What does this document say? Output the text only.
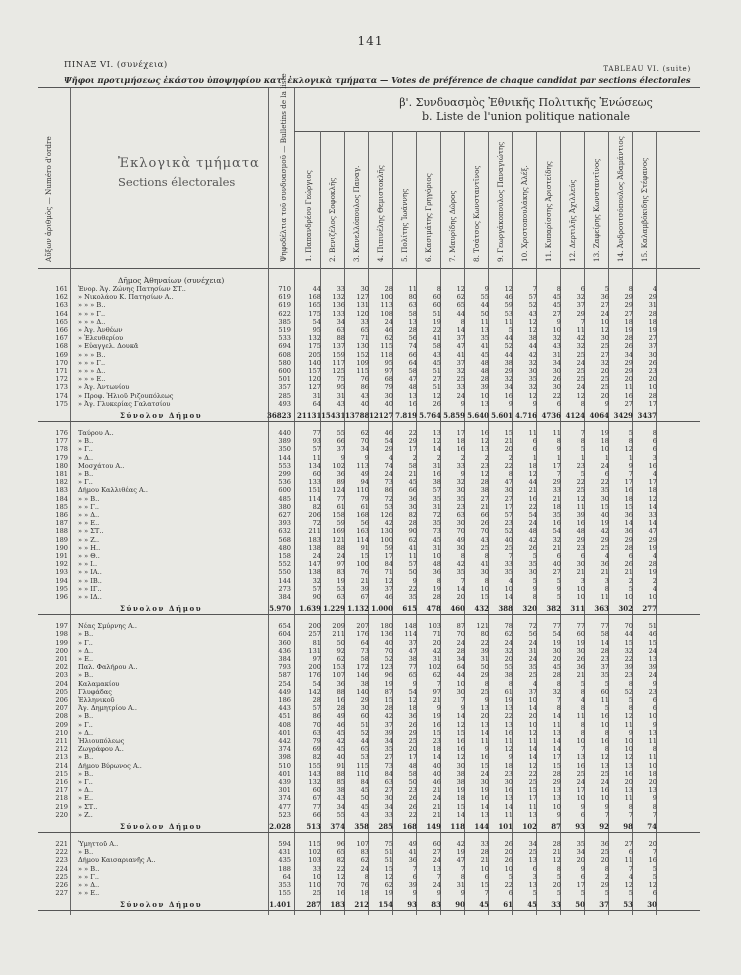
141
ΠΙΝΑΞ VI. (συνέχεια)	TABLEAU VI. (suite)
Ψῆφοι προτιμήσεως ἑκάστου ὑποψηφίου κατ' ἐκλογικὰ τμήματα — Votes de préférence de chaque candidat par sections électorales
Αὔξων ἀριθμὸς — Numéro d'ordre	Ἐκλογικὰ τμήματα
Sections électorales	Ψηφοδέλτια τοῦ συνδυασμοῦ — Bulletins de la liste	β'. Συνδυασμὸς Ἐθνικῆς Πολιτικῆς Ἑνώσεως
b. Liste de l'union politique nationale
1. Παπανδρέου Γεώργιος 2. Βενιζέλος Σοφοκλῆς 3. Κανελλόπουλος Παναγ. 4. Πιπινέλης Θεμιστοκλῆς 5. Πολίτης Ἰωάννης 6. Κασιμάτης Γρηγόριος 7. Μαυρίδης Δῶρος 8. Τσάτσος Κωνσταντῖνος 9. Γεωργάκοπουλος Παναγιώτης 10. Χριστοπουλάκης Ἀλέξ. 11. Κυπαρίσσης Ἀριστείδης 12. Δερτιλῆς Ἀχιλλεύς 13. Ζαφείρης Κωνσταντῖνος 14. Ἀνδρουτσόπουλος Ἀδαμάντιος 15. Καλαμβόκιδης Στέφανος
Δῆμος Ἀθηναίων (συνέχεια)
161 Ἐνορ. Ἁγ. Ζώνης Πατησίων ΣΤ..	710	44	33	30	28	11	8	12	9	12	7	8	6	5	8	4
162 » Νικολάου Κ. Πατησίων Α..	619	168	132	127	100	80	60	62	55	46	57	45	32	36	29	29
163 » » » Β..	619	165	136	131	113	63	60	65	44	59	52	45	37	27	29	31
164 » » » Γ..	622	175	133	120	108	58	51	44	50	53	43	27	29	24	27	28
165 » » » Δ..	385	54	34	33	24	13	19	8	11	11	12	9	7	10	18	18
166 » Ἀγ. Ἀνθέων	519	95	63	65	46	28	22	14	13	5	12	10	11	12	19	19
167 » Ἐλευθερίου	533	132	88	71	62	56	41	37	35	44	38	32	42	30	28	27
168 » Εὐαγγελ. Δουκᾶ	694	175	137	130	115	74	58	47	41	52	44	43	32	25	26	37
169 » » » Β..	608	205	159	152	118	66	43	41	45	44	42	31	25	27	34	30
170 » » » Γ..	580	140	117	109	95	64	45	37	48	38	32	34	24	32	29	26
171 » » » Δ..	600	157	125	115	97	58	51	32	48	29	30	30	25	20	29	23
172 » » » Ε..	501	120	75	76	68	47	27	25	28	32	35	26	25	25	20	20
173 » Ἁγ. Ἀντωνίου	357	127	95	86	79	48	51	33	39	34	32	30	24	25	11	10
174 » Προφ. Ἠλιοῦ Ριζουπόλεως	285	31	31	43	30	13	12	24	10	16	12	22	12	20	16	28
175 » Ἁγ. Γλυκερίας Γαλατσίου	493	64	43	40	40	16	26	9	13	9	9	6	8	9	27	17
Σύνολον Δήμου	36823 21131 15431 13788 12127 7.819 5.764 5.859 5.640 5.601 4.716 4736 4124 4064 3429 3437
176 Ταύρου Α..	440	77	55	62	46	22	13	17	16	15	11	11	7	19	5	8
177 » Β..	389	93	66	70	54	29	12	18	12	21	6	8	8	18	8	6
178 » Γ..	350	57	37	34	29	17	14	16	13	20	6	9	5	10	12	6
179 » Δ..	144	11	9	9	4	2	2	2	2	2	1	1	1	1	1	3
180 Μοσχάτου Α..	553	134	102	113	74	58	31	33	23	22	18	17	23	24	9	16
181 » Β..	299	60	36	49	24	21	16	9	12	8	12	7	5	6	7	4
182 » Γ..	536	133	89	94	73	45	38	32	28	47	44	29	22	22	17	17
183 Δήμου Καλλιθέας Α..	600	151	124	110	86	66	57	30	38	30	21	33	25	35	16	18
184 » » Β..	485	114	77	79	72	36	35	35	27	27	16	21	12	30	18	12
185 » » Γ..	380	82	61	61	53	30	31	23	21	17	22	18	11	15	15	14
186 » » Δ..	627	206	158	168	126	82	72	63	66	57	54	35	39	40	36	33
187 » » Ε..	393	72	59	56	42	28	35	30	26	23	24	16	16	19	14	14
188 » » ΣΤ..	632	211	169	163	130	90	73	70	70	52	48	54	48	42	36	47
189 » » Ζ..	568	183	121	114	100	62	45	49	43	40	42	32	29	29	29	29
190 » » Η..	480	138	88	91	59	41	31	30	25	25	26	21	23	25	28	19
191 » » Θ..	158	24	24	15	17	11	10	8	8	7	5	6	6	4	6	4
192 » » Ι..	552	147	97	100	84	57	48	42	41	33	35	40	30	36	26	28
193 » » ΙΑ..	550	138	83	76	71	50	36	35	30	35	30	27	21	21	21	19
194 » » ΙΒ..	144	32	19	21	12	9	8	7	8	4	5	5	3	3	2	2
195 » » ΙΓ..	273	57	53	39	37	22	19	14	10	10	9	9	10	8	5	4
196 » » ΙΔ..	384	90	63	67	46	35	28	20	15	14	8	5	10	11	10	10
Σύνολον Δήμου	5.970 1.639 1.229 1.132 1.000	615	478	460	432	388	320	382	311	363	302	277
197 Νέας Σμύρνης Α..	654	200	209	207	180	148	103	87	121	78	72	77	77	77	70	51
198 » Β..	604	257	211	176	136	114	71	70	80	62	56	54	60	58	44	46
199 » Γ..	360	81	50	64	40	37	20	24	22	24	24	19	19	14	15	15
200 » Δ..	436	131	92	73	70	47	42	28	39	32	31	30	30	28	32	24
201 » Ε..	384	97	62	58	52	38	31	34	31	20	24	20	26	23	22	13
202 Παλ. Φαλήρου Α..	793	200	153	172	123	77	102	64	50	55	35	45	36	37	39	39
203 » Β..	587	176	107	146	96	65	62	44	29	38	25	28	21	35	23	24
204 Καλαμακίου	254	54	36	38	19	9	7	10	8	8	4	8	5	5	8	9
205 Γλυφάδας	449	142	88	140	87	54	97	30	25	61	37	32	8	60	52	23
206 Ἑλληνικοῦ	186	28	16	29	15	12	21	7	9	19	10	7	4	11	5	6
207 Ἁγ. Δημητρίου Α..	443	57	28	30	28	18	9	9	13	13	14	8	8	5	8	6
208 » Β..	451	86	49	60	42	36	19	14	20	22	20	14	11	16	12	10
209 » Γ..	408	70	46	51	37	26	16	12	13	13	10	11	8	10	11	9
210 » Δ..	401	63	45	52	39	29	15	15	14	16	12	13	8	8	9	13
211 Ἠλιουπόλεως	442	79	42	44	34	25	23	16	11	11	11	14	10	16	10	11
212 Ζωγράφου Α..	374	69	45	65	35	20	18	16	9	12	14	14	7	8	10	8
213 » Β..	398	82	40	53	27	17	14	12	16	9	14	17	13	12	12	11
214 Δήμου Βύρωνος Α..	510	155	91	115	73	48	40	30	15	18	12	15	16	13	13	10
215 » Β..	401	143	88	110	84	58	40	38	24	23	22	28	25	25	16	18
216 » Γ..	439	132	85	84	63	50	46	38	30	30	25	29	24	24	20	20
217 » Δ..	301	60	38	45	27	23	21	19	19	16	15	13	17	16	13	13
218 » Ε..	374	67	43	50	30	26	24	18	16	13	17	13	10	10	11	9
219 » ΣΤ..	477	77	34	45	34	26	21	15	14	14	11	10	9	9	8	8
220 » Ζ..	523	66	55	43	33	22	21	14	13	11	13	9	6	7	7	7
Σύνολον Δήμου	2.028	513	374	358	285	168	149	118	144	101	102	87	93	92	98	74
221 Ὑμηττοῦ Α..	594	115	96	107	75	49	60	42	33	26	34	28	35	36	27	20
222 » Β..	431	102	65	83	51	41	27	19	28	20	25	21	34	25	6	7
223 Δήμου Καισαριανῆς Α..	435	103	82	62	51	36	24	47	21	26	13	12	20	20	11	16
224 » » Β..	188	33	22	24	15	7	13	7	10	10	6	8	9	8	7	5
225 » » Γ..	64	10	12	8	12	6	7	8	6	5	3	5	6	2	4	5
226 » » Δ..	353	110	70	76	62	39	24	31	15	22	13	20	17	29	12	12
227 » » Ε..	155	25	16	18	19	9	9	9	7	6	5	5	5	5	5	6
Σύνολον Δήμου	1.401	287	183	212	154	93	83	90	45	61	45	33	50	37	53	30
